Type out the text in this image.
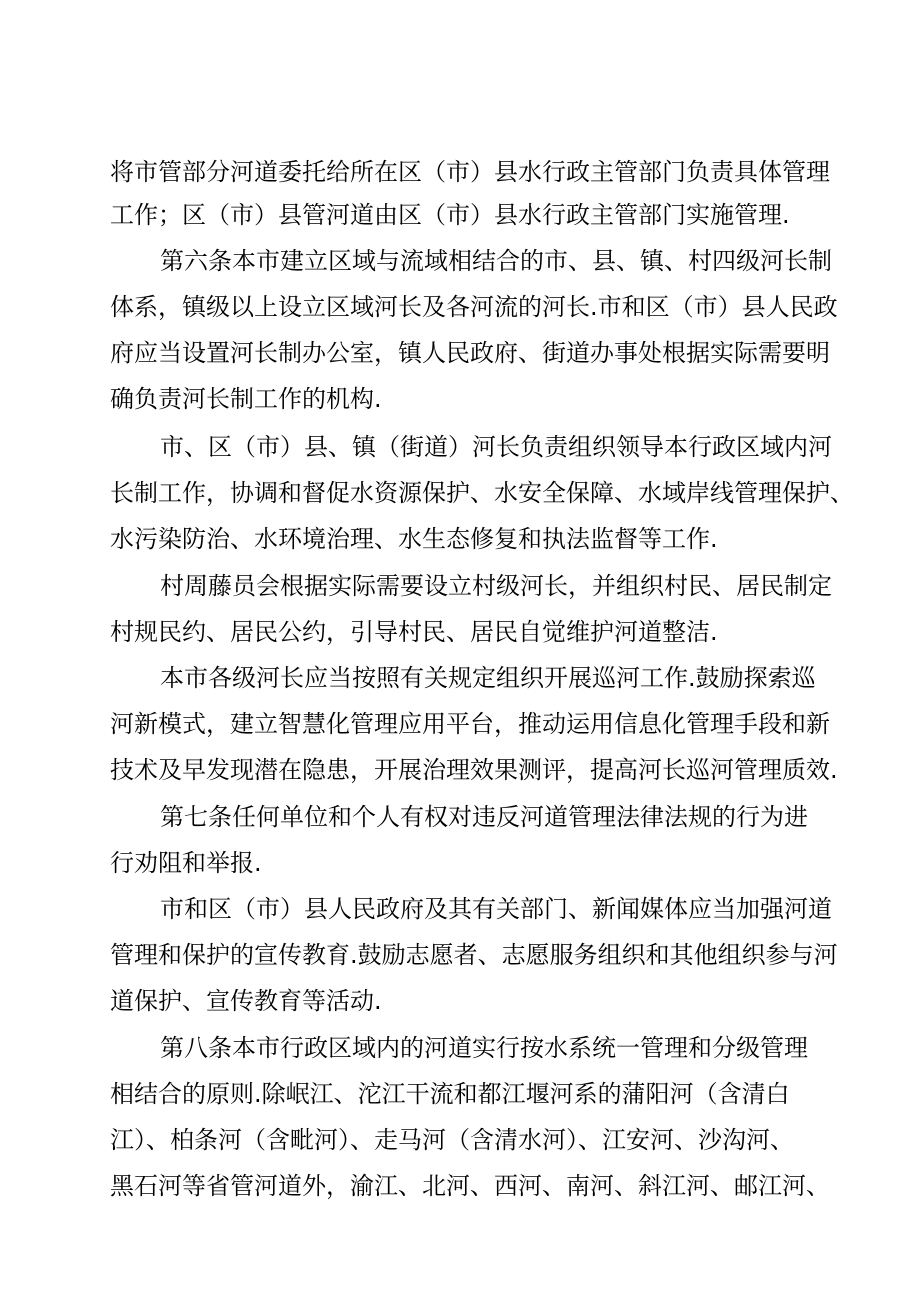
将市管部分河道委托给所在区（市）县水行政主管部门负责具体管理
工作；区（市）县管河道由区（市）县水行政主管部门实施管理.
第六条本市建立区域与流域相结合的市、县、镇、村四级河长制
体系，镇级以上设立区域河长及各河流的河长.市和区（市）县人民政
府应当设置河长制办公室，镇人民政府、街道办事处根据实际需要明
确负责河长制工作的机构.
市、区（市）县、镇（街道）河长负责组织领导本行政区域内河
长制工作，协调和督促水资源保护、水安全保障、水域岸线管理保护、
水污染防治、水环境治理、水生态修复和执法监督等工作.
村周藤员会根据实际需要设立村级河长，并组织村民、居民制定
村规民约、居民公约，引导村民、居民自觉维护河道整洁.
本市各级河长应当按照有关规定组织开展巡河工作.鼓励探索巡
河新模式，建立智慧化管理应用平台，推动运用信息化管理手段和新
技术及早发现潜在隐患，开展治理效果测评，提高河长巡河管理质效.
第七条任何单位和个人有权对违反河道管理法律法规的行为进
行劝阻和举报.
市和区（市）县人民政府及其有关部门、新闻媒体应当加强河道
管理和保护的宣传教育.鼓励志愿者、志愿服务组织和其他组织参与河
道保护、宣传教育等活动.
第八条本市行政区域内的河道实行按水系统一管理和分级管理
相结合的原则.除岷江、沱江干流和都江堰河系的蒲阳河（含清白
江）、柏条河（含毗河）、走马河（含清水河）、江安河、沙沟河、
黑石河等省管河道外，渝江、北河、西河、南河、斜江河、邮江河、
